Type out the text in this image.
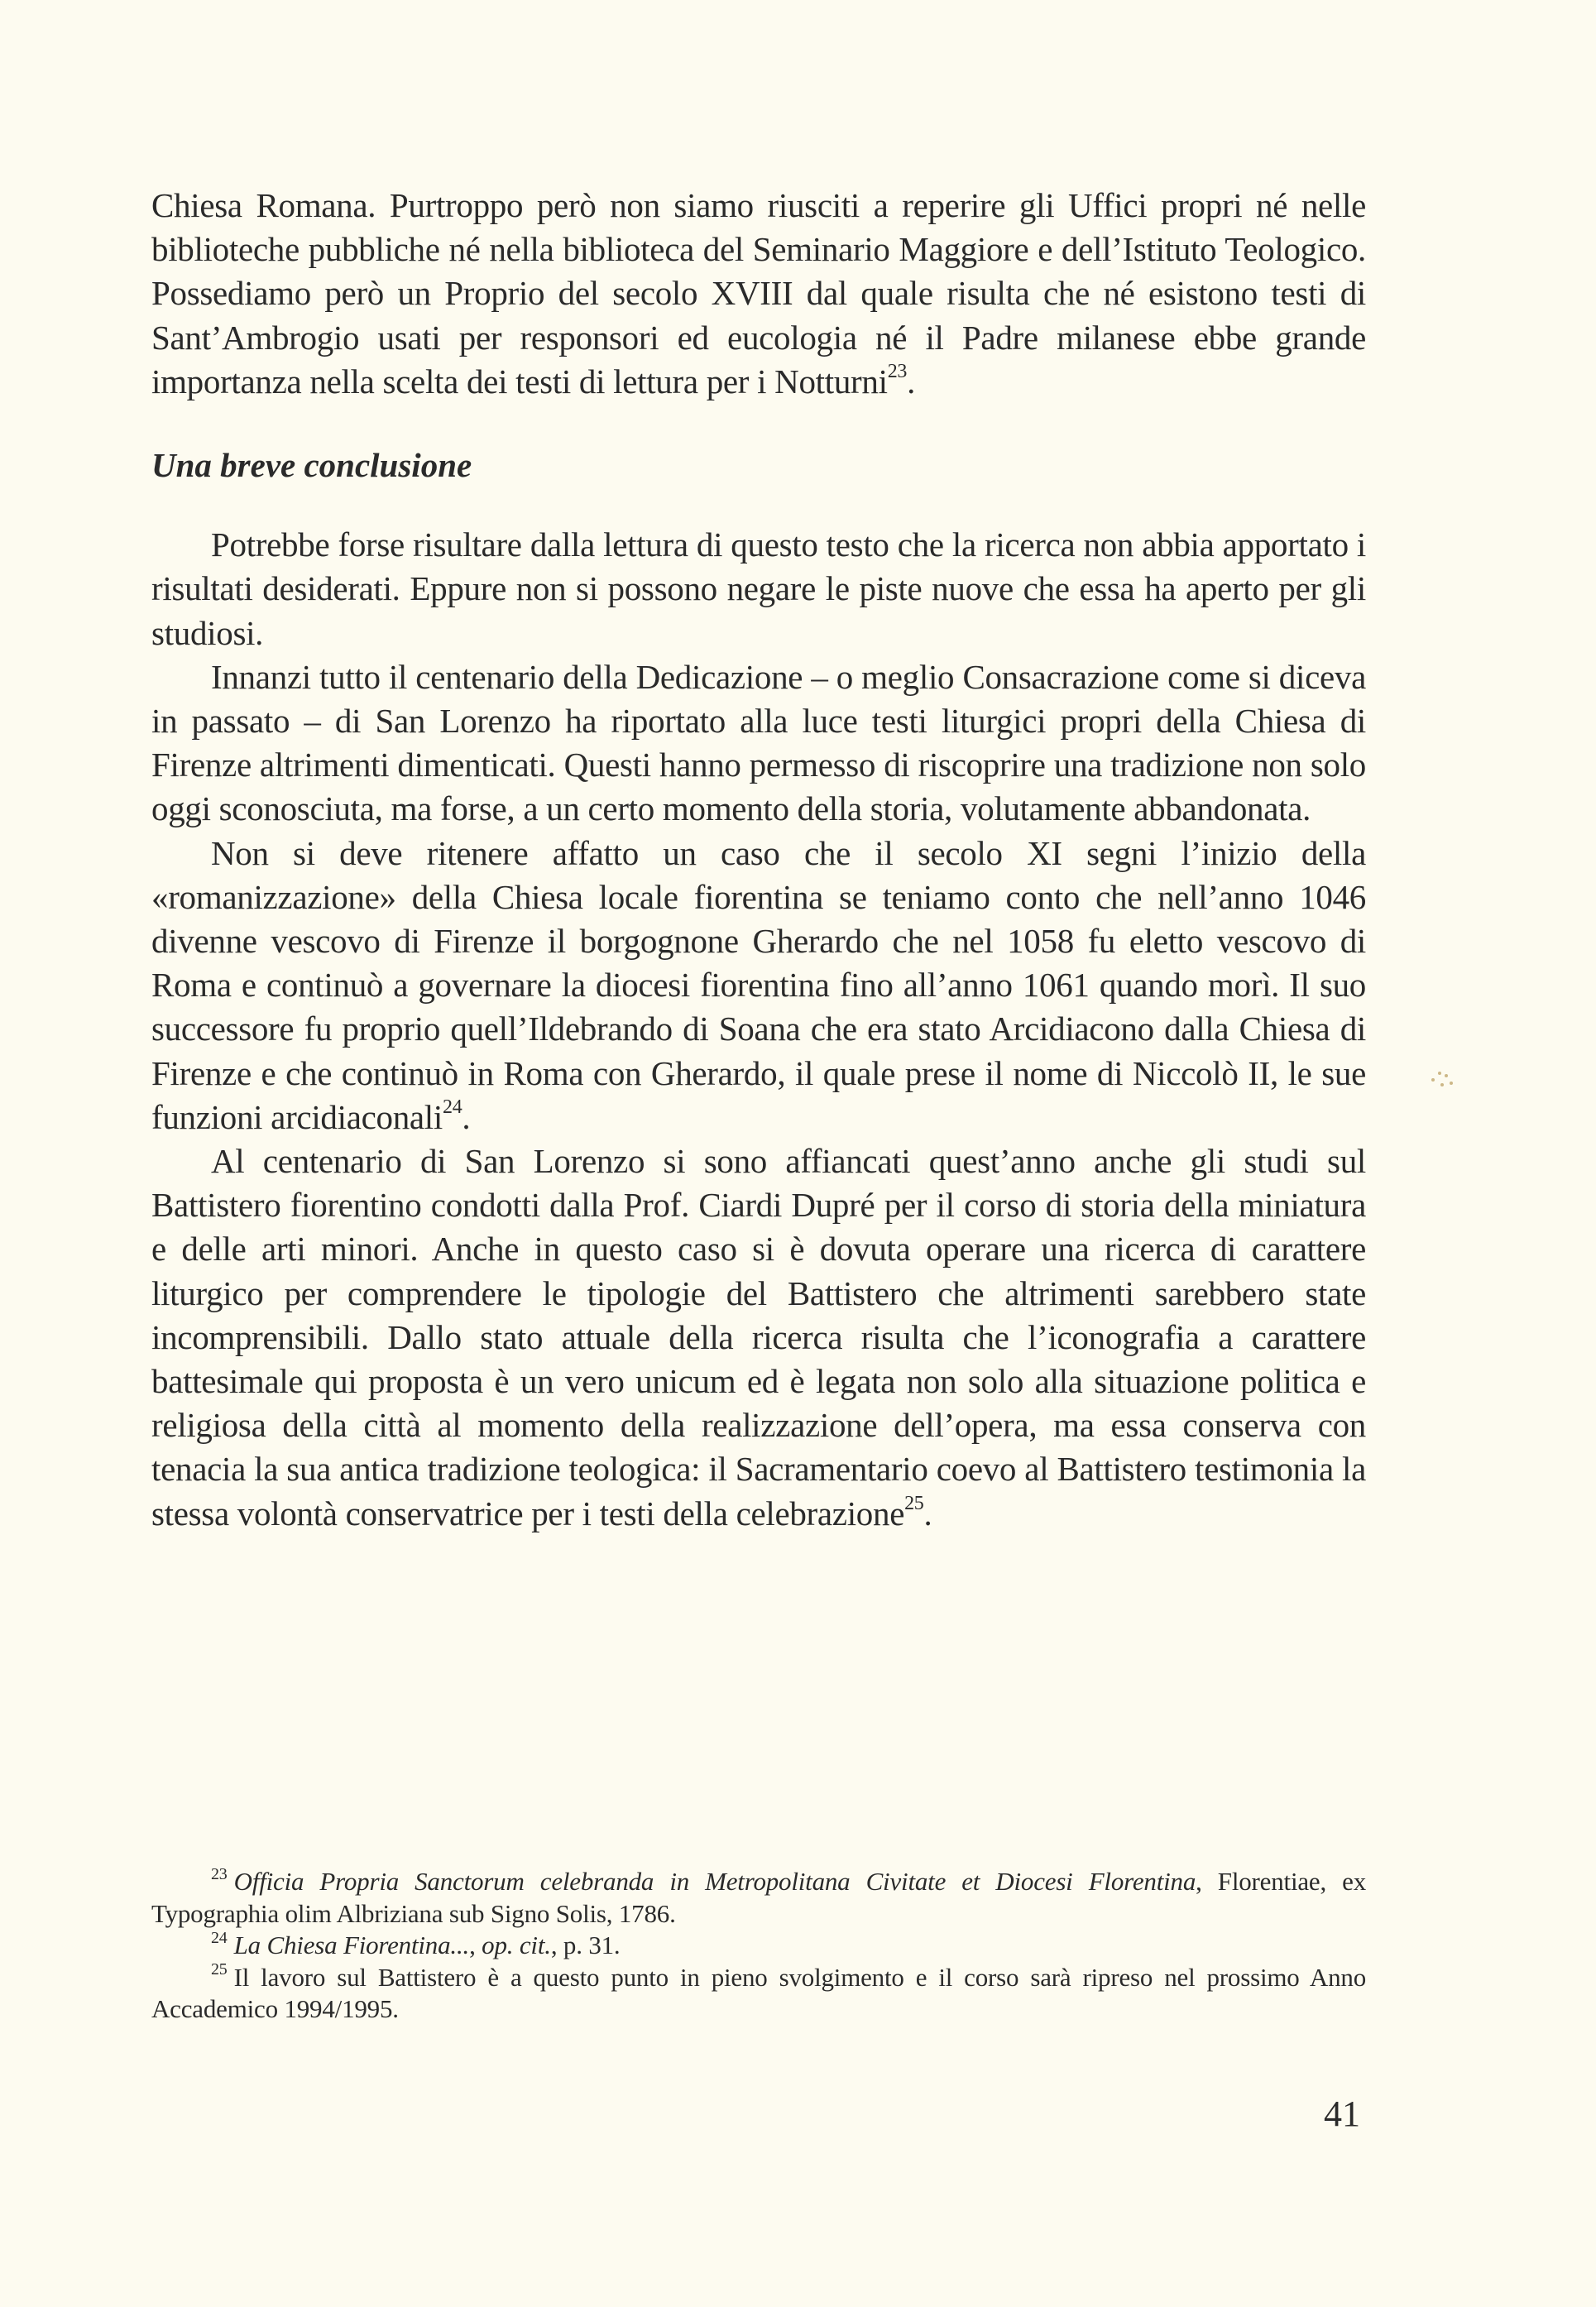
Chiesa Romana. Purtroppo però non siamo riusciti a reperire gli Uffici propri né nelle biblioteche pubbliche né nella biblioteca del Seminario Maggiore e dell’Istituto Teologico. Possediamo però un Proprio del secolo XVIII dal quale risulta che né esistono testi di Sant’Ambrogio usati per responsori ed eucologia né il Padre milanese ebbe grande importanza nella scelta dei testi di lettura per i Notturni$^{23}$.

Una breve conclusione

Potrebbe forse risultare dalla lettura di questo testo che la ricerca non abbia apportato i risultati desiderati. Eppure non si possono negare le piste nuove che essa ha aperto per gli studiosi.

Innanzi tutto il centenario della Dedicazione – o meglio Consacrazione come si diceva in passato – di San Lorenzo ha riportato alla luce testi liturgici propri della Chiesa di Firenze altrimenti dimenticati. Questi hanno permesso di riscoprire una tradizione non solo oggi sconosciuta, ma forse, a un certo momento della storia, volutamente abbandonata.

Non si deve ritenere affatto un caso che il secolo XI segni l’inizio della «romanizzazione» della Chiesa locale fiorentina se teniamo conto che nell’anno 1046 divenne vescovo di Firenze il borgognone Gherardo che nel 1058 fu eletto vescovo di Roma e continuò a governare la diocesi fiorentina fino all’anno 1061 quando morì. Il suo successore fu proprio quell’Ildebrando di Soana che era stato Arcidiacono dalla Chiesa di Firenze e che continuò in Roma con Gherardo, il quale prese il nome di Niccolò II, le sue funzioni arcidiaconali$^{24}$.

Al centenario di San Lorenzo si sono affiancati quest’anno anche gli studi sul Battistero fiorentino condotti dalla Prof. Ciardi Dupré per il corso di storia della miniatura e delle arti minori. Anche in questo caso si è dovuta operare una ricerca di carattere liturgico per comprendere le tipologie del Battistero che altrimenti sarebbero state incomprensibili. Dallo stato attuale della ricerca risulta che l’iconografia a carattere battesimale qui proposta è un vero unicum ed è legata non solo alla situazione politica e religiosa della città al momento della realizzazione dell’opera, ma essa conserva con tenacia la sua antica tradizione teologica: il Sacramentario coevo al Battistero testimonia la stessa volontà conservatrice per i testi della celebrazione$^{25}$.

$^{23}$ Officia Propria Sanctorum celebranda in Metropolitana Civitate et Diocesi Florentina, Florentiae, ex Typographia olim Albriziana sub Signo Solis, 1786.

$^{24}$ La Chiesa Fiorentina..., op. cit., p. 31.

$^{25}$ Il lavoro sul Battistero è a questo punto in pieno svolgimento e il corso sarà ripreso nel prossimo Anno Accademico 1994/1995.

41
